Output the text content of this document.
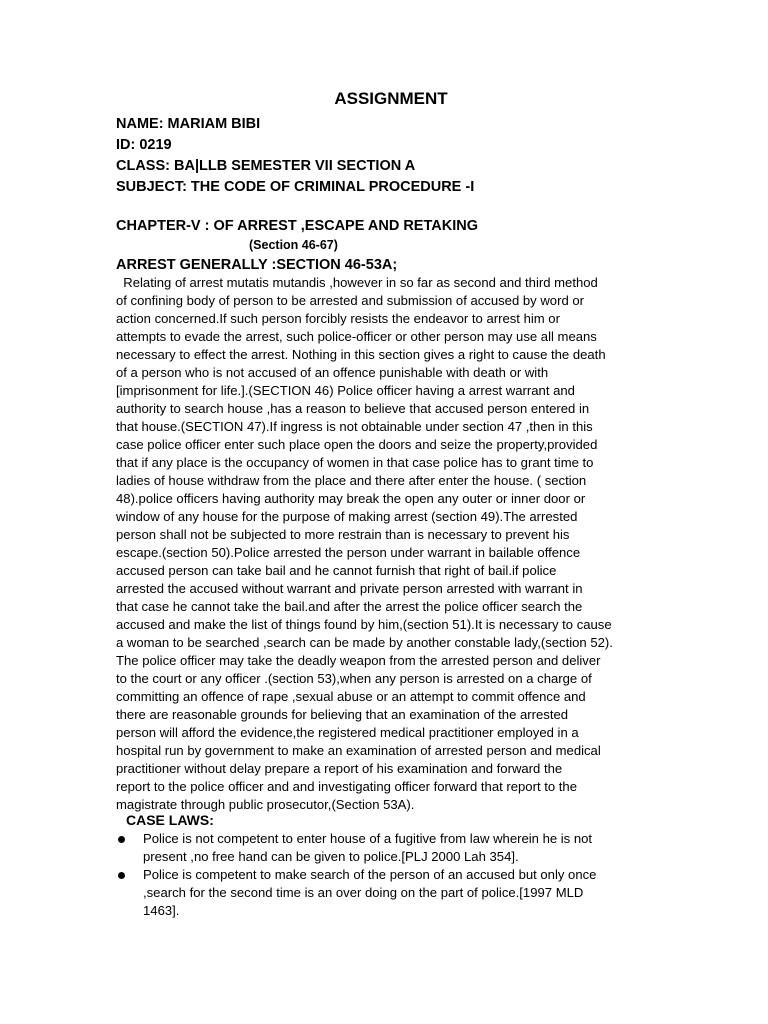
ASSIGNMENT
NAME: MARIAM BIBI
ID: 0219
CLASS: BA|LLB SEMESTER VII SECTION A
SUBJECT: THE CODE OF CRIMINAL PROCEDURE -I
CHAPTER-V : OF ARREST ,ESCAPE AND RETAKING
(Section 46-67)
ARREST GENERALLY :SECTION 46-53A;
Relating of arrest mutatis mutandis ,however in so far as second and third method
of confining body of person to be arrested and submission of accused by word or
action concerned.If such person forcibly resists the endeavor to arrest him or
attempts to evade the arrest, such police-officer or other person may use all means
necessary to effect the arrest. Nothing in this section gives a right to cause the death
of a person who is not accused of an offence punishable with death or with
[imprisonment for life.].(SECTION 46) Police officer having a arrest warrant and
authority to search house ,has a reason to believe that accused person entered in
that house.(SECTION 47).If ingress is not obtainable under section 47 ,then in this
case police officer enter such place open the doors and seize the property,provided
that if any place is the occupancy of women in that case police has to grant time to
ladies of house withdraw from the place and there after enter the house. ( section
48).police officers having authority may break the open any outer or inner door or
window of any house for the purpose of making arrest (section 49).The arrested
person shall not be subjected to more restrain than is necessary to prevent his
escape.(section 50).Police arrested the person under warrant in bailable offence
accused person can take bail and he cannot furnish that right of bail.if police
arrested the accused without warrant and private person arrested with warrant in
that case he cannot take the bail.and after the arrest the police officer search the
accused and make the list of things found by him,(section 51).It is necessary to cause
a woman to be searched ,search can be made by another constable lady,(section 52).
The police officer may take the deadly weapon from the arrested person and deliver
to the court or any officer .(section 53),when any person is arrested on a charge of
committing an offence of rape ,sexual abuse or an attempt to commit offence and
there are reasonable grounds for believing that an examination of the arrested
person will afford the evidence,the registered medical practitioner employed in a
hospital run by government to make an examination of arrested person and medical
practitioner without delay prepare a report of his examination and forward the
report to the police officer and and investigating officer forward that report to the
magistrate through public prosecutor,(Section 53A).
CASE LAWS:
Police is not competent to enter house of a fugitive from law wherein he is not
present ,no free hand can be given to police.[PLJ 2000 Lah 354].
Police is competent to make search of the person of an accused but only once
,search for the second time is an over doing on the part of police.[1997 MLD
1463].
